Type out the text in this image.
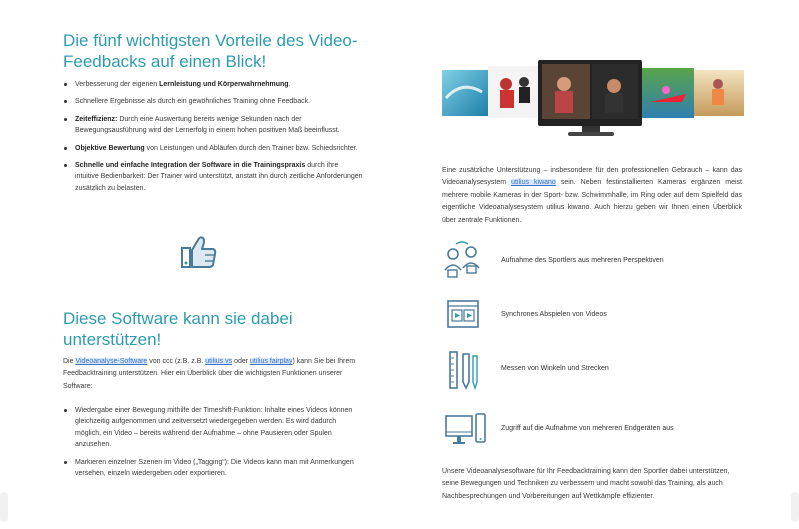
Die fünf wichtigsten Vorteile des Video-Feedbacks auf einen Blick!
Verbesserung der eigenen Lernleistung und Körperwahrnehmung.
Schnellere Ergebnisse als durch ein gewöhnliches Training ohne Feedback.
Zeiteffizienz: Durch eine Auswertung bereits wenige Sekunden nach der Bewegungsausführung wird der Lernerfolg in einem hohen positiven Maß beeinflusst.
Objektive Bewertung von Leistungen und Abläufen durch den Trainer bzw. Schiedsrichter.
Schnelle und einfache Integration der Software in die Trainingspraxis durch ihre intuitive Bedienbarkeit: Der Trainer wird unterstützt, anstatt ihn durch zeitliche Anforderungen zusätzlich zu belasten.
Diese Software kann sie dabei unterstützen!
Die Videoanalyse-Software von ccc (z.B. z.B. utilius vs oder utilius fairplay) kann Sie bei Ihrem Feedbacktraining unterstützen. Hier ein Überblick über die wichtigsten Funktionen unserer Software:
Wiedergabe einer Bewegung mithilfe der Timeshift-Funktion: Inhalte eines Videos können gleichzeitig aufgenommen und zeitversetzt wiedergegeben werden. Es wird dadurch möglich, ein Video – bereits während der Aufnahme – ohne Pausieren oder Spulen anzusehen.
Markieren einzelner Szenen im Video („Tagging“): Die Videos kann man mit Anmerkungen versehen, einzeln wiedergeben oder exportieren.
Eine zusätzliche Unterstützung – insbesondere für den professionellen Gebrauch – kann das Videoanalysesystem utilius kiwano sein. Neben festinstallierten Kameras ergänzen meist mehrere mobile Kameras in der Sport- bzw. Schwimmhalle, im Ring oder auf dem Spielfeld das eigentliche Videoanalysesystem utilius kiwano. Auch hierzu geben wir Ihnen einen Überblick über zentrale Funktionen.
Aufnahme des Sportlers aus mehreren Perspektiven
Synchrones Abspielen von Videos
Messen von Winkeln und Strecken
Zugriff auf die Aufnahme von mehreren Endgeräten aus
Unsere Videoanalysesoftware für Ihr Feedbacktraining kann den Sportler dabei unterstützen, seine Bewegungen und Techniken zu verbessern und macht sowohl das Training, als auch Nachbesprechungen und Vorbereitungen auf Wettkämpfe effizienter.
